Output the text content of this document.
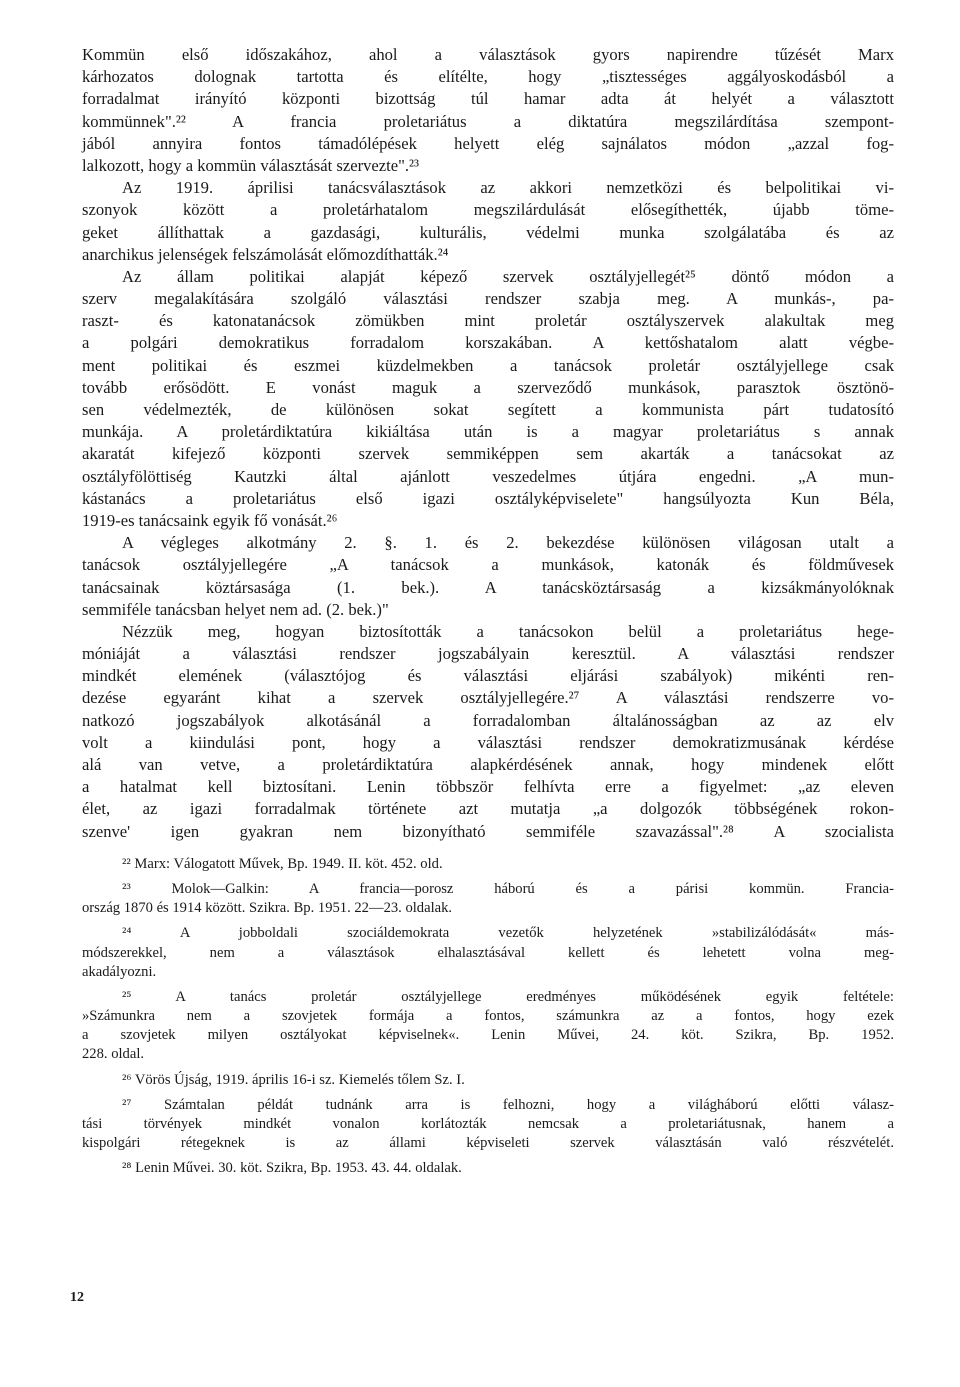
Kommün első időszakához, ahol a választások gyors napirendre tűzését Marx
kárhozatos dolognak tartotta és elítélte, hogy „tisztességes aggályoskodásból a
forradalmat irányító központi bizottság túl hamar adta át helyét a választott
kommünnek".²² A francia proletariátus a diktatúra megszilárdítása szempont-
jából annyira fontos támadólépések helyett elég sajnálatos módon „azzal fog-
lalkozott, hogy a kommün választását szervezte".²³
Az 1919. áprilisi tanácsválasztások az akkori nemzetközi és belpolitikai vi-
szonyok között a proletárhatalom megszilárdulását elősegíthették, újabb töme-
geket állíthattak a gazdasági, kulturális, védelmi munka szolgálatába és az
anarchikus jelenségek felszámolását előmozdíthatták.²⁴
Az állam politikai alapját képező szervek osztályjellegét²⁵ döntő módon a
szerv megalakítására szolgáló választási rendszer szabja meg. A munkás-, pa-
raszt- és katonatanácsok zömükben mint proletár osztályszervek alakultak meg
a polgári demokratikus forradalom korszakában. A kettőshatalom alatt végbe-
ment politikai és eszmei küzdelmekben a tanácsok proletár osztályjellege csak
tovább erősödött. E vonást maguk a szerveződő munkások, parasztok ösztönö-
sen védelmezték, de különösen sokat segített a kommunista párt tudatosító
munkája. A proletárdiktatúra kikiáltása után is a magyar proletariátus s annak
akaratát kifejező központi szervek semmiképpen sem akarták a tanácsokat az
osztályfölöttiség Kautzki által ajánlott veszedelmes útjára engedni. „A mun-
kástanács a proletariátus első igazi osztályképviselete" hangsúlyozta Kun Béla,
1919-es tanácsaink egyik fő vonását.²⁶
A végleges alkotmány 2. §. 1. és 2. bekezdése különösen világosan utalt a
tanácsok osztályjellegére „A tanácsok a munkások, katonák és földművesek
tanácsainak köztársasága (1. bek.). A tanácsköztársaság a kizsákmányolóknak
semmiféle tanácsban helyet nem ad. (2. bek.)"
Nézzük meg, hogyan biztosították a tanácsokon belül a proletariátus hege-
móniáját a választási rendszer jogszabályain keresztül. A választási rendszer
mindkét elemének (választójog és választási eljárási szabályok) mikénti ren-
dezése egyaránt kihat a szervek osztályjellegére.²⁷ A választási rendszerre vo-
natkozó jogszabályok alkotásánál a forradalomban általánosságban az az elv
volt a kiindulási pont, hogy a választási rendszer demokratizmusának kérdése
alá van vetve, a proletárdiktatúra alapkérdésének annak, hogy mindenek előtt
a hatalmat kell biztosítani. Lenin többször felhívta erre a figyelmet: „az eleven
élet, az igazi forradalmak története azt mutatja „a dolgozók többségének rokon-
szenve' igen gyakran nem bizonyítható semmiféle szavazással".²⁸ A szocialista
²² Marx: Válogatott Művek, Bp. 1949. II. köt. 452. old.
²³ Molok—Galkin: A francia—porosz háború és a párisi kommün. Francia-
ország 1870 és 1914 között. Szikra. Bp. 1951. 22—23. oldalak.
²⁴ A jobboldali szociáldemokrata vezetők helyzetének »stabilizálódását« más-
módszerekkel, nem a választások elhalasztásával kellett és lehetett volna meg-
akadályozni.
²⁵ A tanács proletár osztályjellege eredményes működésének egyik feltétele:
»Számunkra nem a szovjetek formája a fontos, számunkra az a fontos, hogy ezek
a szovjetek milyen osztályokat képviselnek«. Lenin Művei, 24. köt. Szikra, Bp. 1952.
228. oldal.
²⁶ Vörös Újság, 1919. április 16-i sz. Kiemelés tőlem Sz. I.
²⁷ Számtalan példát tudnánk arra is felhozni, hogy a világháború előtti válasz-
tási törvények mindkét vonalon korlátozták nemcsak a proletariátusnak, hanem a
kispolgári rétegeknek is az állami képviseleti szervek választásán való részvételét.
²⁸ Lenin Művei. 30. köt. Szikra, Bp. 1953. 43. 44. oldalak.
12
